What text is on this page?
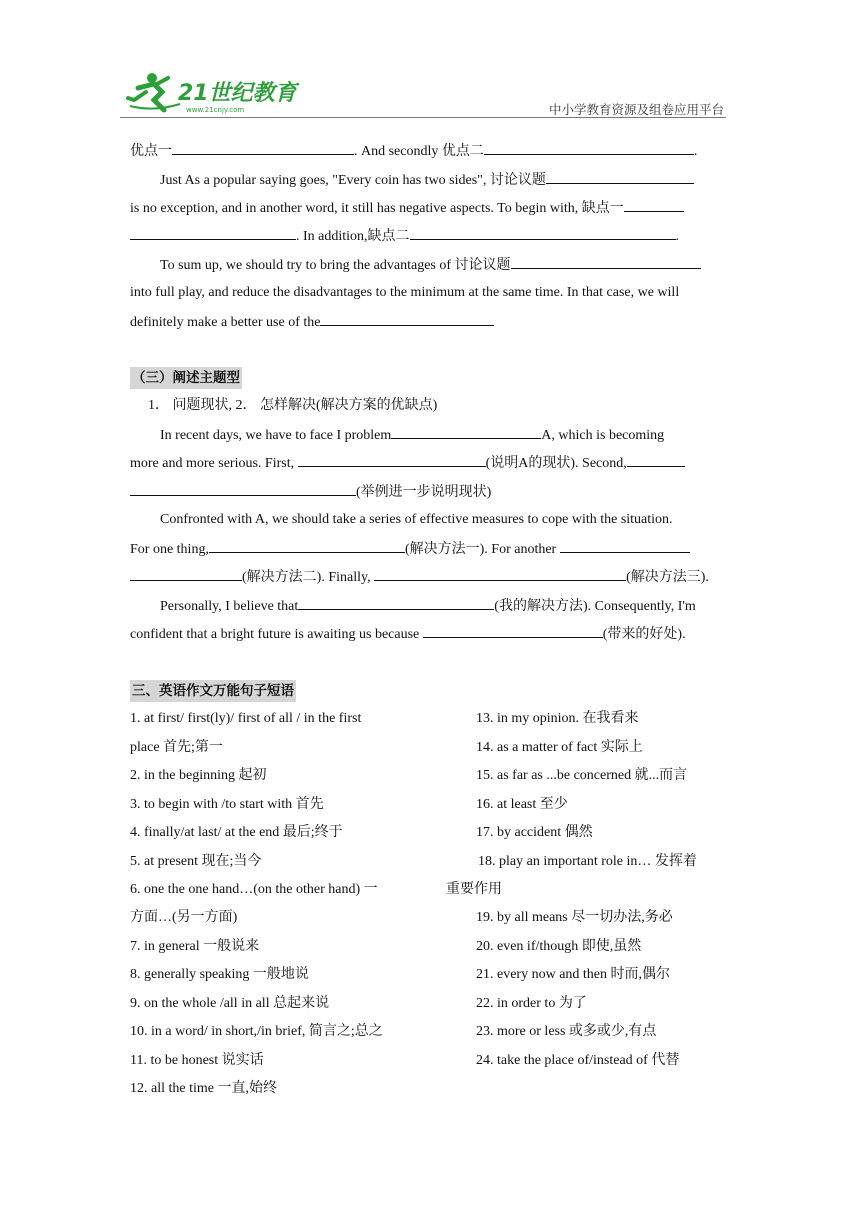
21世纪教育
www.21cnjy.com	中小学教育资源及组卷应用平台
优点一	. And secondly 优点二	.
Just As a popular saying goes, "Every coin has two sides", 讨论议题
is no exception, and in another word, it still has negative aspects. To begin with, 缺点一
. In addition,缺点二	.
To sum up, we should try to bring the advantages of 讨论议题
into full play, and reduce the disadvantages to the minimum at the same time. In that case, we will
definitely make a better use of the
（三）阐述主题型
1． 问题现状, 2． 怎样解决(解决方案的优缺点)
In recent days, we have to face I problem	A, which is becoming
more and more serious. First,	(说明A的现状). Second,
(举例进一步说明现状)
Confronted with A, we should take a series of effective measures to cope with the situation.
For one thing,	(解决方法一). For another
(解决方法二). Finally,	(解决方法三).
Personally, I believe that	(我的解决方法). Consequently, I'm
confident that a bright future is awaiting us because	(带来的好处).
三、英语作文万能句子短语
1. at first/ first(ly)/ first of all / in the first
place 首先;第一
2. in the beginning 起初
3. to begin with /to start with 首先
4. finally/at last/ at the end 最后;终于
5. at present 现在;当今
6. one the one hand…(on the other hand) 一
方面…(另一方面)
7. in general 一般说来
8. generally speaking 一般地说
9. on the whole /all in all 总起来说
10. in a word/ in short,/in brief, 简言之;总之
11. to be honest 说实话
12. all the time 一直,始终
13. in my opinion. 在我看来
14. as a matter of fact 实际上
15. as far as ...be concerned 就...而言
16. at least 至少
17. by accident 偶然
18. play an important role in… 发挥着
重要作用
19. by all means 尽一切办法,务必
20. even if/though 即使,虽然
21. every now and then 时而,偶尔
22. in order to 为了
23. more or less 或多或少,有点
24. take the place of/instead of 代替
